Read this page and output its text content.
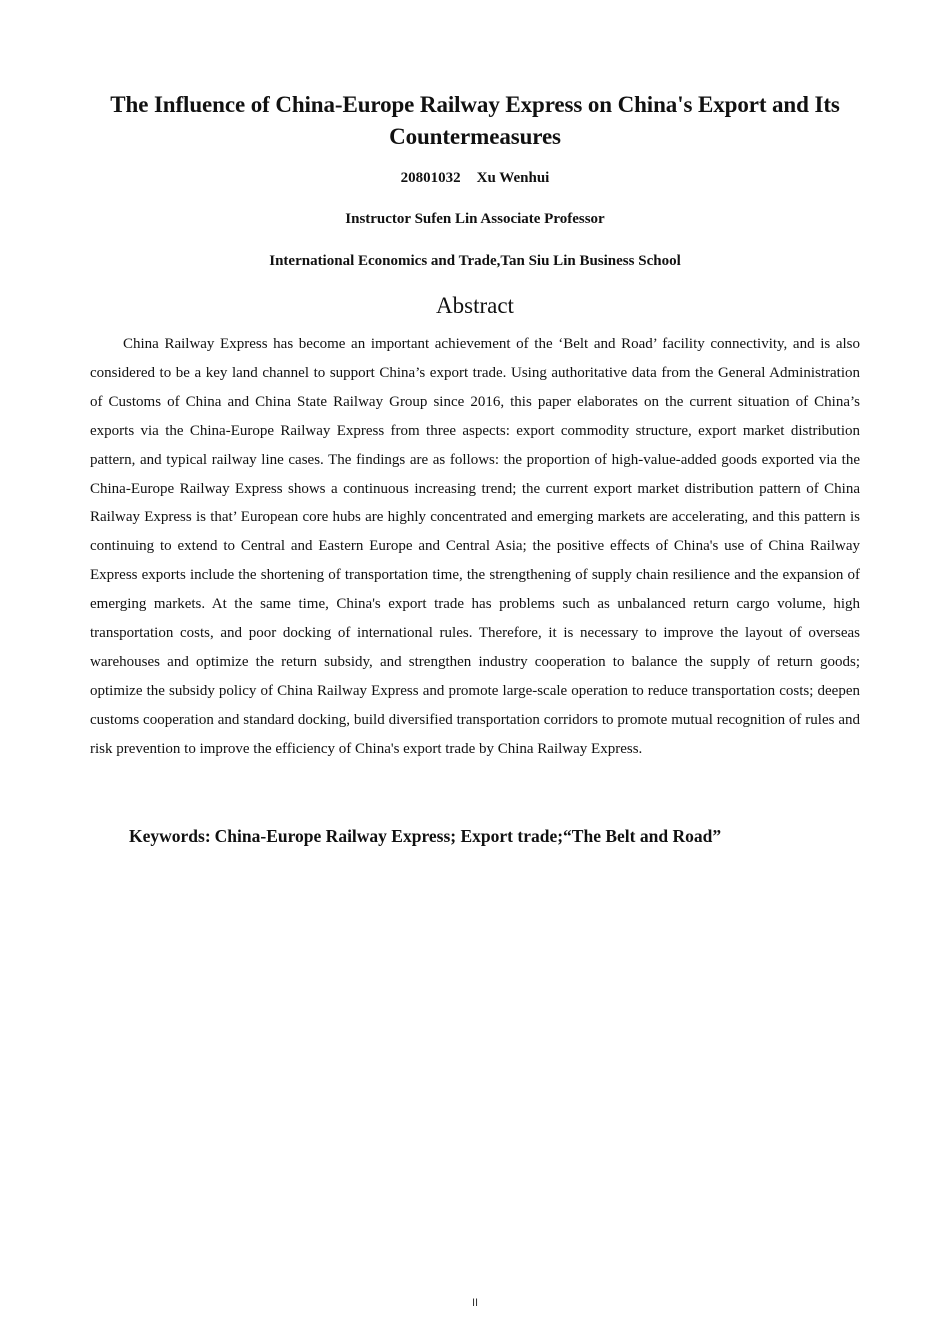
The Influence of China-Europe Railway Express on China's Export and Its Countermeasures

20801032 Xu Wenhui

Instructor Sufen Lin Associate Professor

International Economics and Trade,Tan Siu Lin Business School

Abstract

China Railway Express has become an important achievement of the ‘Belt and Road’ facility connectivity, and is also considered to be a key land channel to support China’s export trade. Using authoritative data from the General Administration of Customs of China and China State Railway Group since 2016, this paper elaborates on the current situation of China’s exports via the China-Europe Railway Express from three aspects: export commodity structure, export market distribution pattern, and typical railway line cases. The findings are as follows: the proportion of high-value-added goods exported via the China-Europe Railway Express shows a continuous increasing trend; the current export market distribution pattern of China Railway Express is that’ European core hubs are highly concentrated and emerging markets are accelerating, and this pattern is continuing to extend to Central and Eastern Europe and Central Asia; the positive effects of China's use of China Railway Express exports include the shortening of transportation time, the strengthening of supply chain resilience and the expansion of emerging markets. At the same time, China's export trade has problems such as unbalanced return cargo volume, high transportation costs, and poor docking of international rules. Therefore, it is necessary to improve the layout of overseas warehouses and optimize the return subsidy, and strengthen industry cooperation to balance the supply of return goods; optimize the subsidy policy of China Railway Express and promote large-scale operation to reduce transportation costs; deepen customs cooperation and standard docking, build diversified transportation corridors to promote mutual recognition of rules and risk prevention to improve the efficiency of China's export trade by China Railway Express.

Keywords: China-Europe Railway Express; Export trade;“The Belt and Road”

II
